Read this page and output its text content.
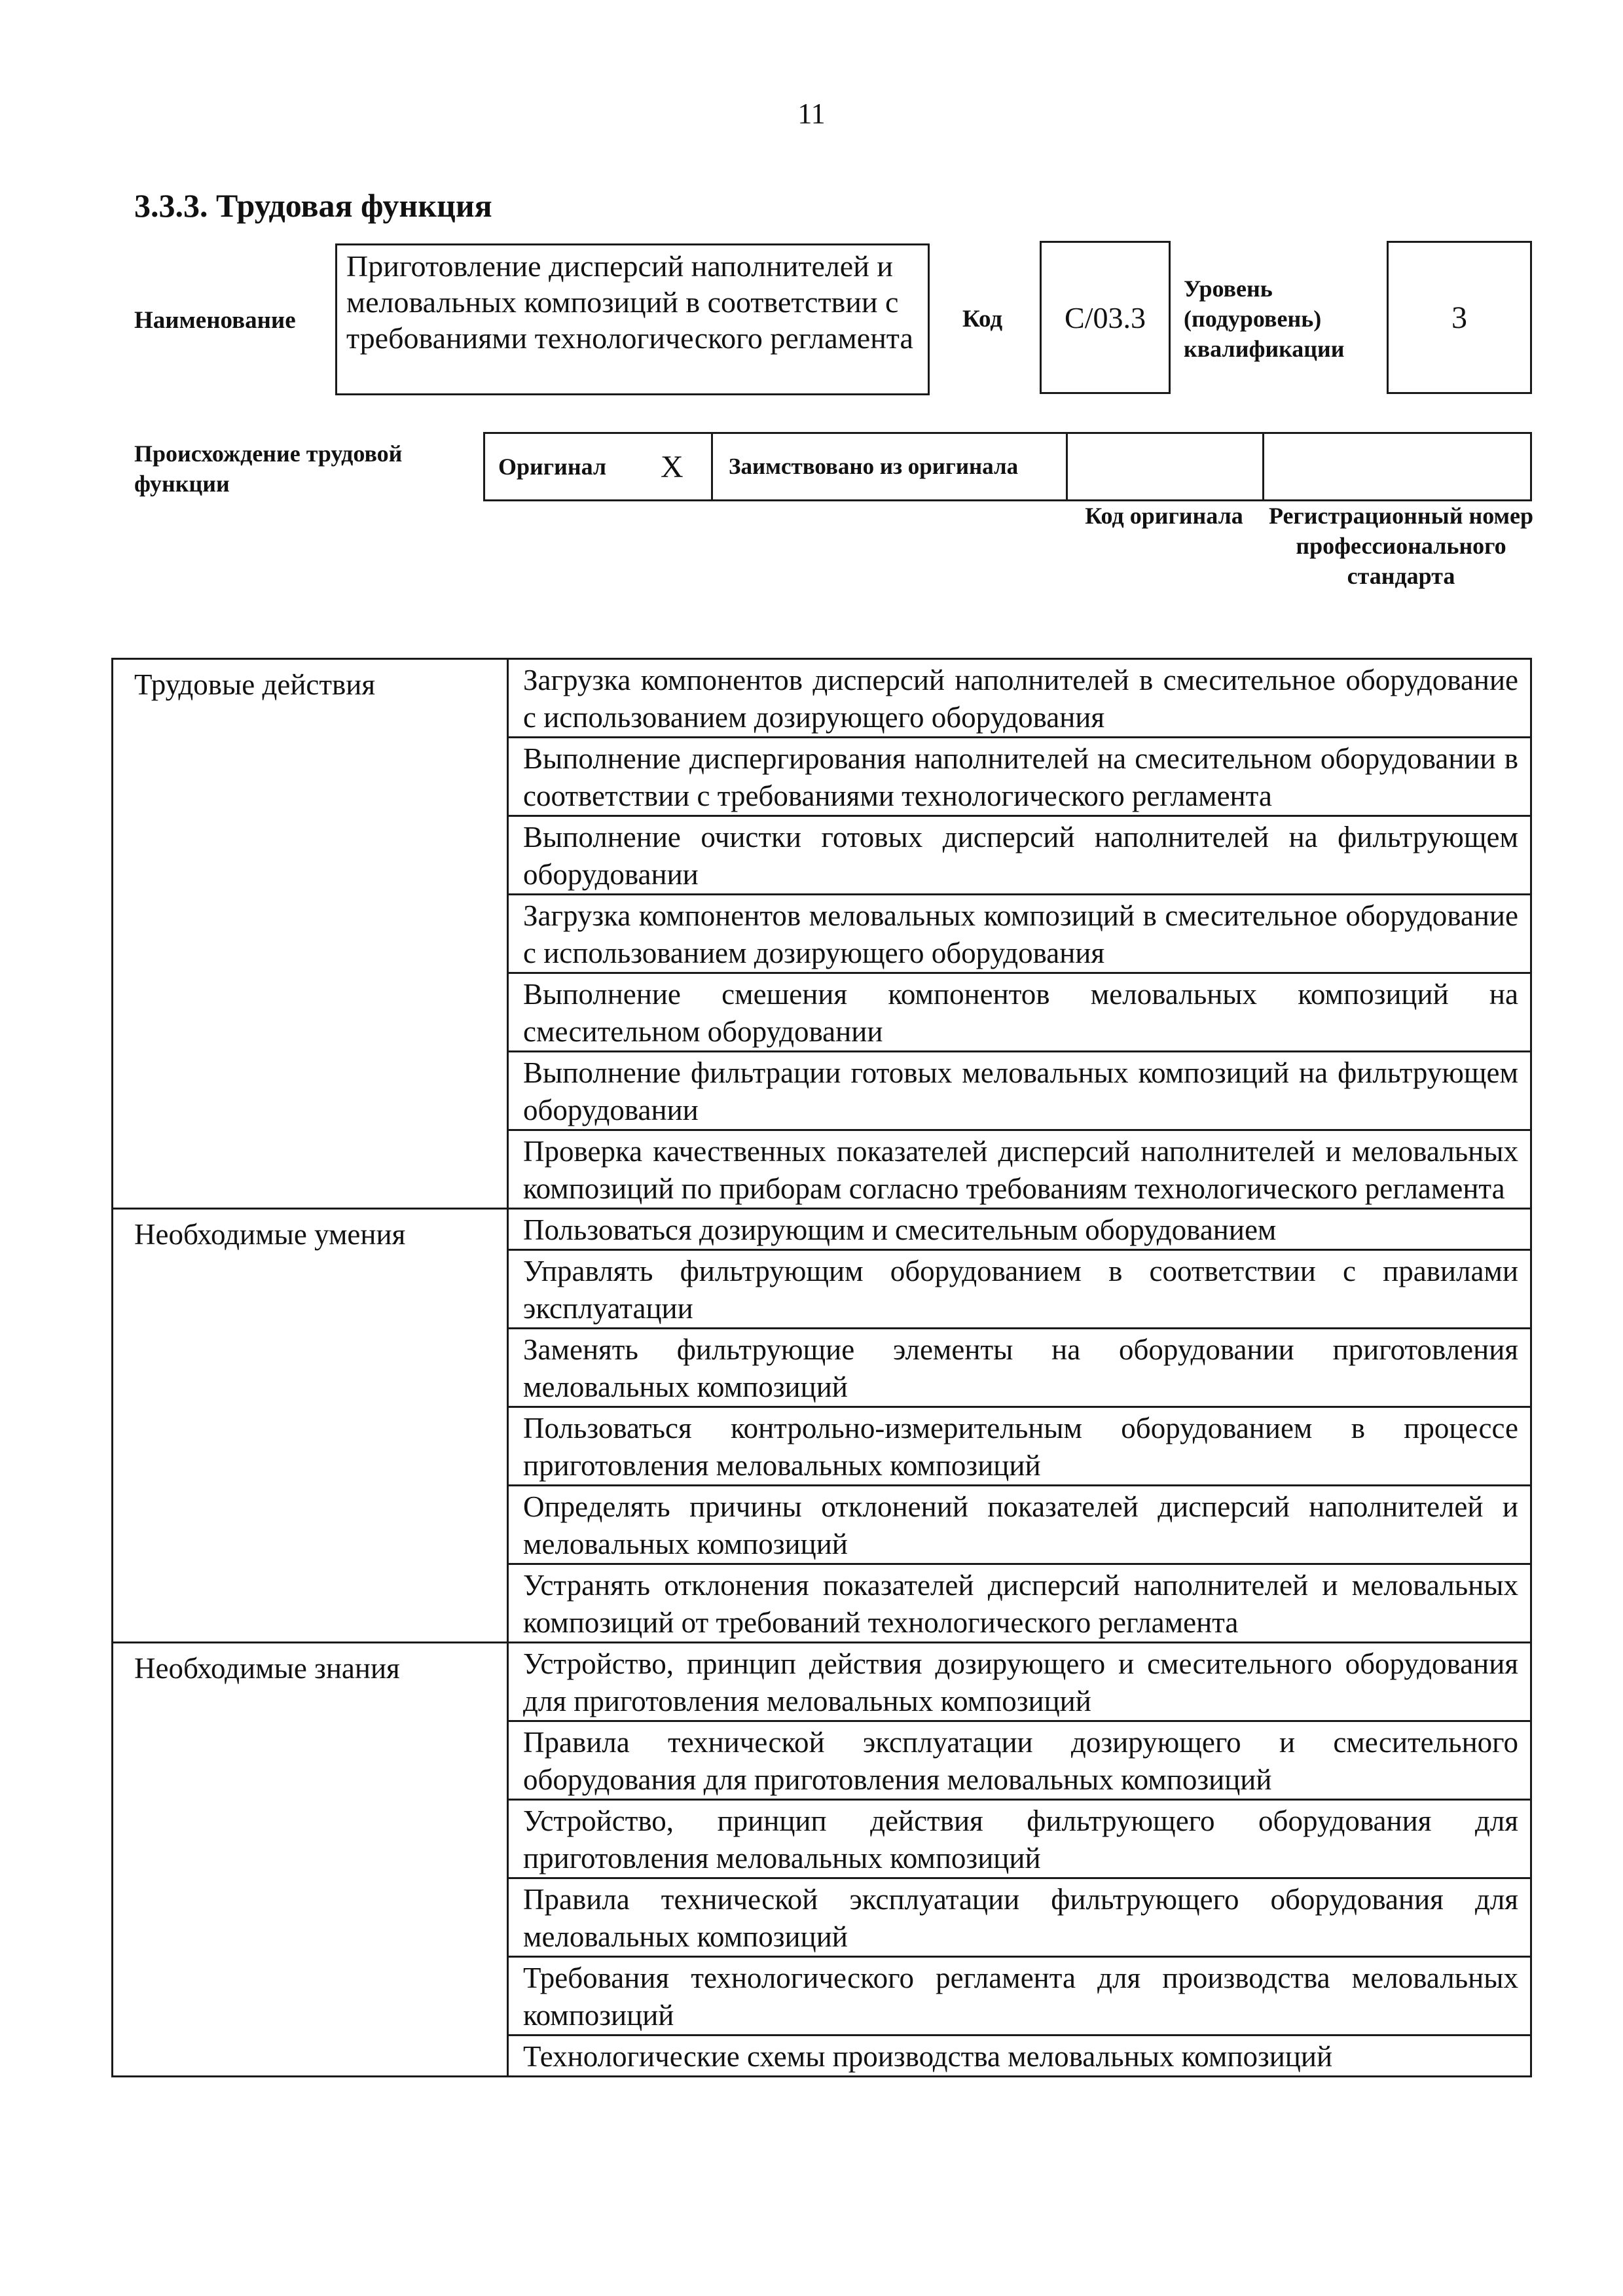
11
3.3.3. Трудовая функция
Наименование
Приготовление дисперсий наполнителей и меловальных композиций в соответствии с требованиями технологического регламента
Код C/03.3
Уровень (подуровень) квалификации
3
Происхождение трудовой функции
Оригинал X Заимствовано из оригинала
Код оригинала	Регистрационный номер профессионального стандарта
Трудовые действия	Загрузка компонентов дисперсий наполнителей в смесительное оборудование с использованием дозирующего оборудования
	Выполнение диспергирования наполнителей на смесительном оборудовании в соответствии с требованиями технологического регламента
	Выполнение очистки готовых дисперсий наполнителей на фильтрующем оборудовании
	Загрузка компонентов меловальных композиций в смесительное оборудование с использованием дозирующего оборудования
	Выполнение смешения компонентов меловальных композиций на смесительном оборудовании
	Выполнение фильтрации готовых меловальных композиций на фильтрующем оборудовании
	Проверка качественных показателей дисперсий наполнителей и меловальных композиций по приборам согласно требованиям технологического регламента
Необходимые умения	Пользоваться дозирующим и смесительным оборудованием
	Управлять фильтрующим оборудованием в соответствии с правилами эксплуатации
	Заменять фильтрующие элементы на оборудовании приготовления меловальных композиций
	Пользоваться контрольно-измерительным оборудованием в процессе приготовления меловальных композиций
	Определять причины отклонений показателей дисперсий наполнителей и меловальных композиций
	Устранять отклонения показателей дисперсий наполнителей и меловальных композиций от требований технологического регламента
Необходимые знания	Устройство, принцип действия дозирующего и смесительного оборудования для приготовления меловальных композиций
	Правила технической эксплуатации дозирующего и смесительного оборудования для приготовления меловальных композиций
	Устройство, принцип действия фильтрующего оборудования для приготовления меловальных композиций
	Правила технической эксплуатации фильтрующего оборудования для меловальных композиций
	Требования технологического регламента для производства меловальных композиций
	Технологические схемы производства меловальных композиций
